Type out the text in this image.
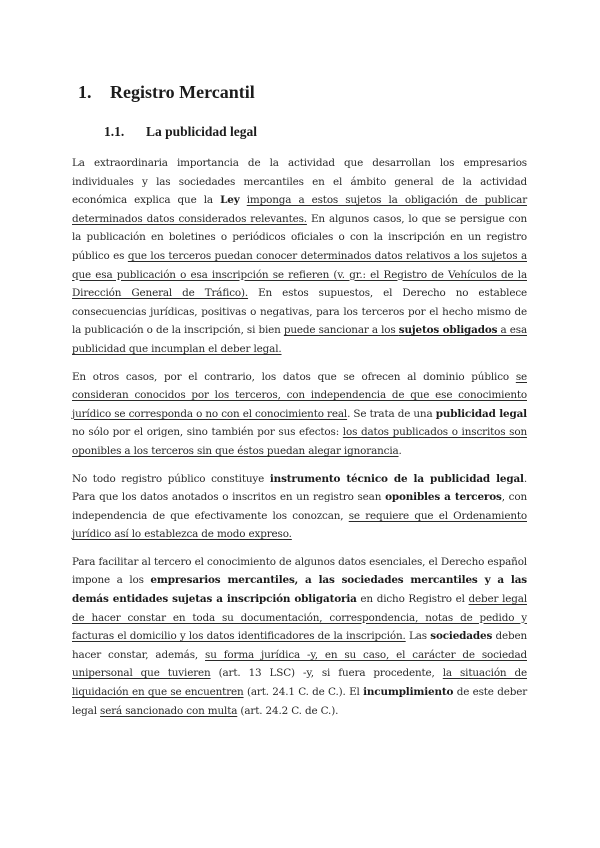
1. Registro Mercantil
1.1. La publicidad legal

La extraordinaria importancia de la actividad que desarrollan los empresarios individuales y las sociedades mercantiles en el ámbito general de la actividad económica explica que la Ley imponga a estos sujetos la obligación de publicar determinados datos considerados relevantes. En algunos casos, lo que se persigue con la publicación en boletines o periódicos oficiales o con la inscripción en un registro público es que los terceros puedan conocer determinados datos relativos a los sujetos a que esa publicación o esa inscripción se refieren (v. gr.: el Registro de Vehículos de la Dirección General de Tráfico). En estos supuestos, el Derecho no establece consecuencias jurídicas, positivas o negativas, para los terceros por el hecho mismo de la publicación o de la inscripción, si bien puede sancionar a los sujetos obligados a esa publicidad que incumplan el deber legal.

En otros casos, por el contrario, los datos que se ofrecen al dominio público se consideran conocidos por los terceros, con independencia de que ese conocimiento jurídico se corresponda o no con el conocimiento real. Se trata de una publicidad legal no sólo por el origen, sino también por sus efectos: los datos publicados o inscritos son oponibles a los terceros sin que éstos puedan alegar ignorancia.

No todo registro público constituye instrumento técnico de la publicidad legal. Para que los datos anotados o inscritos en un registro sean oponibles a terceros, con independencia de que efectivamente los conozcan, se requiere que el Ordenamiento jurídico así lo establezca de modo expreso.

Para facilitar al tercero el conocimiento de algunos datos esenciales, el Derecho español impone a los empresarios mercantiles, a las sociedades mercantiles y a las demás entidades sujetas a inscripción obligatoria en dicho Registro el deber legal de hacer constar en toda su documentación, correspondencia, notas de pedido y facturas el domicilio y los datos identificadores de la inscripción. Las sociedades deben hacer constar, además, su forma jurídica -y, en su caso, el carácter de sociedad unipersonal que tuvieren (art. 13 LSC) -y, si fuera procedente, la situación de liquidación en que se encuentren (art. 24.1 C. de C.). El incumplimiento de este deber legal será sancionado con multa (art. 24.2 C. de C.).
